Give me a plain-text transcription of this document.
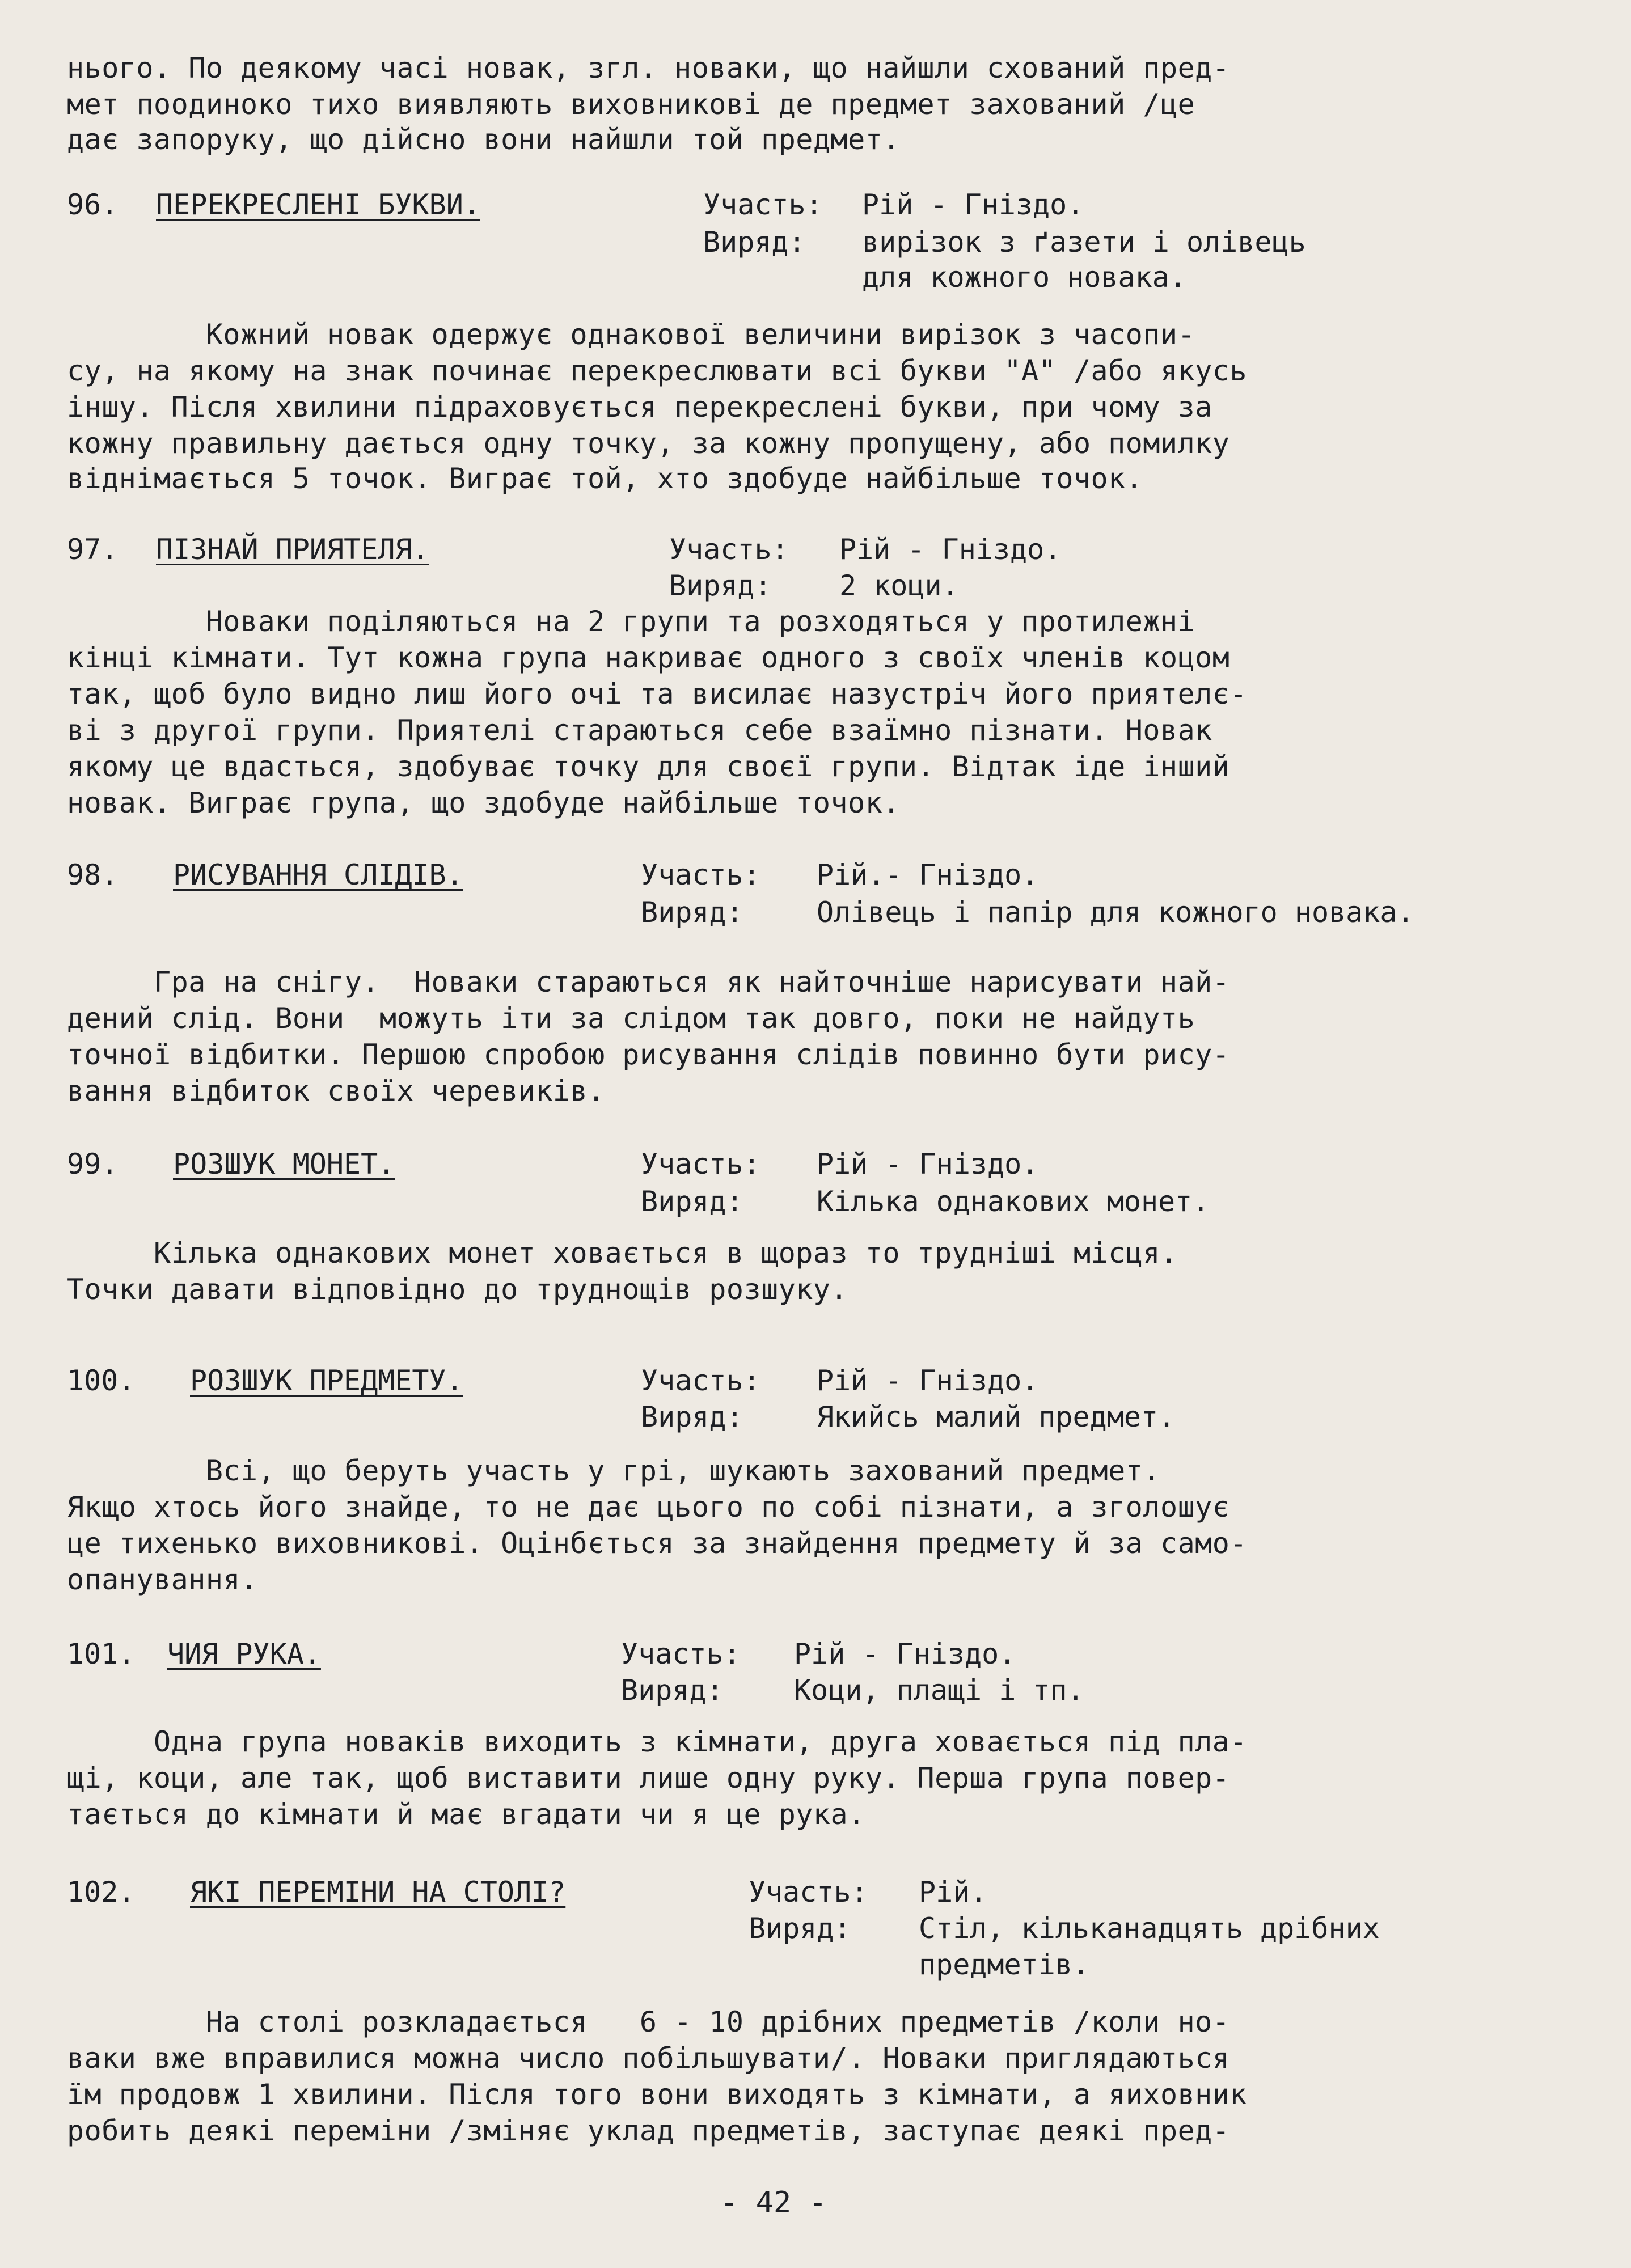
нього. По деякому часі новак, згл. новаки, що найшли схований пред-
мет поодиноко тихо виявляють виховникові де предмет захований /це
дає запоруку, що дійсно вони найшли той предмет.
96. ПЕРЕКРЕСЛЕНІ БУКВИ.	Участь: Рій - Гніздо.
Виряд: вирізок з ґазети і олівець
для кожного новака.
Кожний новак одержує однакової величини вирізок з часопи-
су, на якому на знак починає перекреслювати всі букви "А" /або якусь
іншу. Після хвилини підраховується перекреслені букви, при чому за
кожну правильну дається одну точку, за кожну пропущену, або помилку
віднімається 5 точок. Виграє той, хто здобуде найбільше точок.
97. ПІЗНАЙ ПРИЯТЕЛЯ.	Участь: Рій - Гніздо.
Виряд: 2 коци.
Новаки поділяються на 2 групи та розходяться у протилежні
кінці кімнати. Тут кожна група накриває одного з своїх членів коцом
так, щоб було видно лиш його очі та висилає назустріч його приятелє-
ві з другої групи. Приятелі стараються себе взаїмно пізнати. Новак
якому це вдасться, здобуває точку для своєї групи. Відтак іде інший
новак. Виграє група, що здобуде найбільше точок.
98. РИСУВАННЯ СЛІДІВ.	Участь: Рій.- Гніздо.
Виряд:	Олівець і папір для кожного новака.
Гра на снігу.  Новаки стараються як найточніше нарисувати най-
дений слід. Вони  можуть іти за слідом так довго, поки не найдуть
точної відбитки. Першою спробою рисування слідів повинно бути рису-
вання відбиток своїх черевиків.
99. РОЗШУК МОНЕТ.	Участь: Рій - Гніздо.
Виряд:	Кілька однакових монет.
Кілька однакових монет ховається в щораз то трудніші місця.
Точки давати відповідно до труднощів розшуку.
100. РОЗШУК ПРЕДМЕТУ.	Участь: Рій - Гніздо.
Виряд:	Якийсь малий предмет.
Всі, що беруть участь у грі, шукають захований предмет.
Якщо хтось його знайде, то не дає цього по собі пізнати, а зголошує
це тихенько виховникові. Оцінбється за знайдення предмету й за само-
опанування.
101. ЧИЯ РУКА.	Участь: Рій - Гніздо.
Виряд: Коци, плащі і тп.
Одна група новаків виходить з кімнати, друга ховається під пла-
щі, коци, але так, щоб виставити лише одну руку. Перша група повер-
тається до кімнати й має вгадати чи я це рука.
102. ЯКІ ПЕРЕМІНИ НА СТОЛІ?	Участь: Рій.
Виряд: Стіл, кільканадцять дрібних
предметів.
На столі розкладається   6 - 10 дрібних предметів /коли но-
ваки вже вправилися можна число побільшувати/. Новаки приглядаються
їм продовж 1 хвилини. Після того вони виходять з кімнати, а яиховник
робить деякі переміни /зміняє уклад предметів, заступає деякі пред-
- 42 -
